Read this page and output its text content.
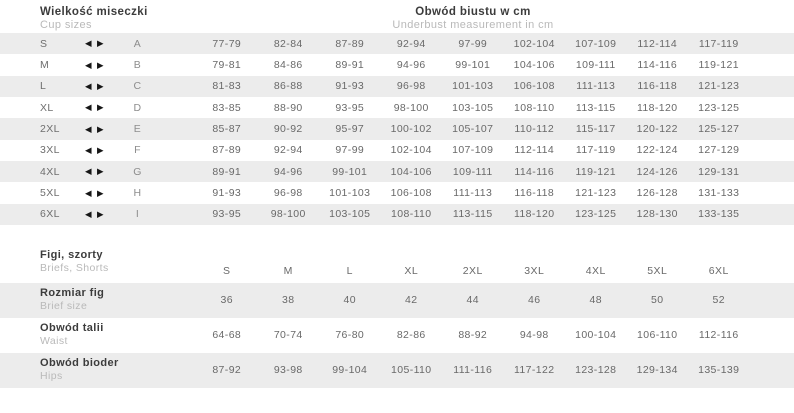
Wielkość miseczki
Cup sizes
Obwód biustu w cm
Underbust measurement in cm
S	◀ ▶	A	77-79	82-84	87-89	92-94	97-99	102-104	107-109	112-114	117-119
M	◀ ▶	B	79-81	84-86	89-91	94-96	99-101	104-106	109-111	114-116	119-121
L	◀ ▶	C	81-83	86-88	91-93	96-98	101-103	106-108	111-113	116-118	121-123
XL	◀ ▶	D	83-85	88-90	93-95	98-100	103-105	108-110	113-115	118-120	123-125
2XL	◀ ▶	E	85-87	90-92	95-97	100-102	105-107	110-112	115-117	120-122	125-127
3XL	◀ ▶	F	87-89	92-94	97-99	102-104	107-109	112-114	117-119	122-124	127-129
4XL	◀ ▶	G	89-91	94-96	99-101	104-106	109-111	114-116	119-121	124-126	129-131
5XL	◀ ▶	H	91-93	96-98	101-103	106-108	111-113	116-118	121-123	126-128	131-133
6XL	◀ ▶	I	93-95	98-100	103-105	108-110	113-115	118-120	123-125	128-130	133-135
Figi, szorty
Briefs, Shorts	S	M	L	XL	2XL	3XL	4XL	5XL	6XL
Rozmiar fig
Brief size	36	38	40	42	44	46	48	50	52
Obwód talii
Waist	64-68	70-74	76-80	82-86	88-92	94-98	100-104	106-110	112-116
Obwód bioder
Hips	87-92	93-98	99-104	105-110	111-116	117-122	123-128	129-134	135-139
